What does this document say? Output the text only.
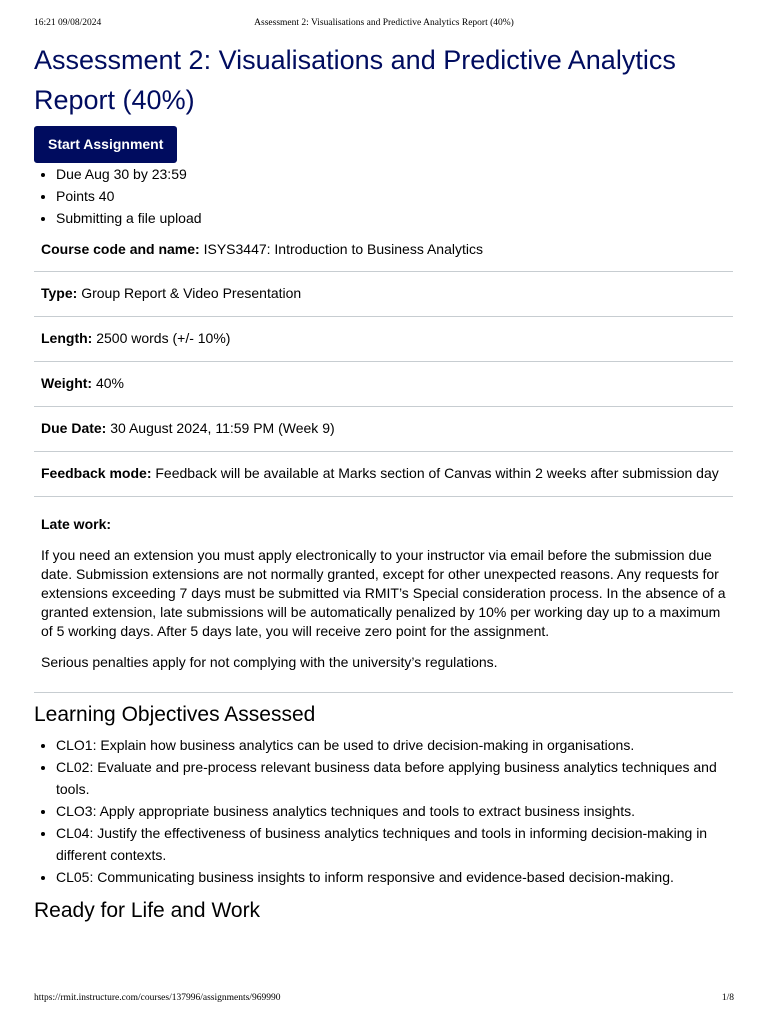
16:21 09/08/2024	Assessment 2: Visualisations and Predictive Analytics Report (40%)
Assessment 2: Visualisations and Predictive Analytics Report (40%)
Start Assignment
• Due Aug 30 by 23:59
• Points 40
• Submitting a file upload
Course code and name: ISYS3447: Introduction to Business Analytics
Type: Group Report & Video Presentation
Length: 2500 words (+/- 10%)
Weight: 40%
Due Date: 30 August 2024, 11:59 PM (Week 9)
Feedback mode: Feedback will be available at Marks section of Canvas within 2 weeks after submission day

Late work:

If you need an extension you must apply electronically to your instructor via email before the submission due date. Submission extensions are not normally granted, except for other unexpected reasons. Any requests for extensions exceeding 7 days must be submitted via RMIT’s Special consideration process. In the absence of a granted extension, late submissions will be automatically penalized by 10% per working day up to a maximum of 5 working days. After 5 days late, you will receive zero point for the assignment.

Serious penalties apply for not complying with the university’s regulations.

Learning Objectives Assessed
• CLO1: Explain how business analytics can be used to drive decision-making in organisations.
• CL02: Evaluate and pre-process relevant business data before applying business analytics techniques and tools.
• CLO3: Apply appropriate business analytics techniques and tools to extract business insights.
• CL04: Justify the effectiveness of business analytics techniques and tools in informing decision-making in different contexts.
• CL05: Communicating business insights to inform responsive and evidence-based decision-making.
Ready for Life and Work
https://rmit.instructure.com/courses/137996/assignments/969990	1/8
